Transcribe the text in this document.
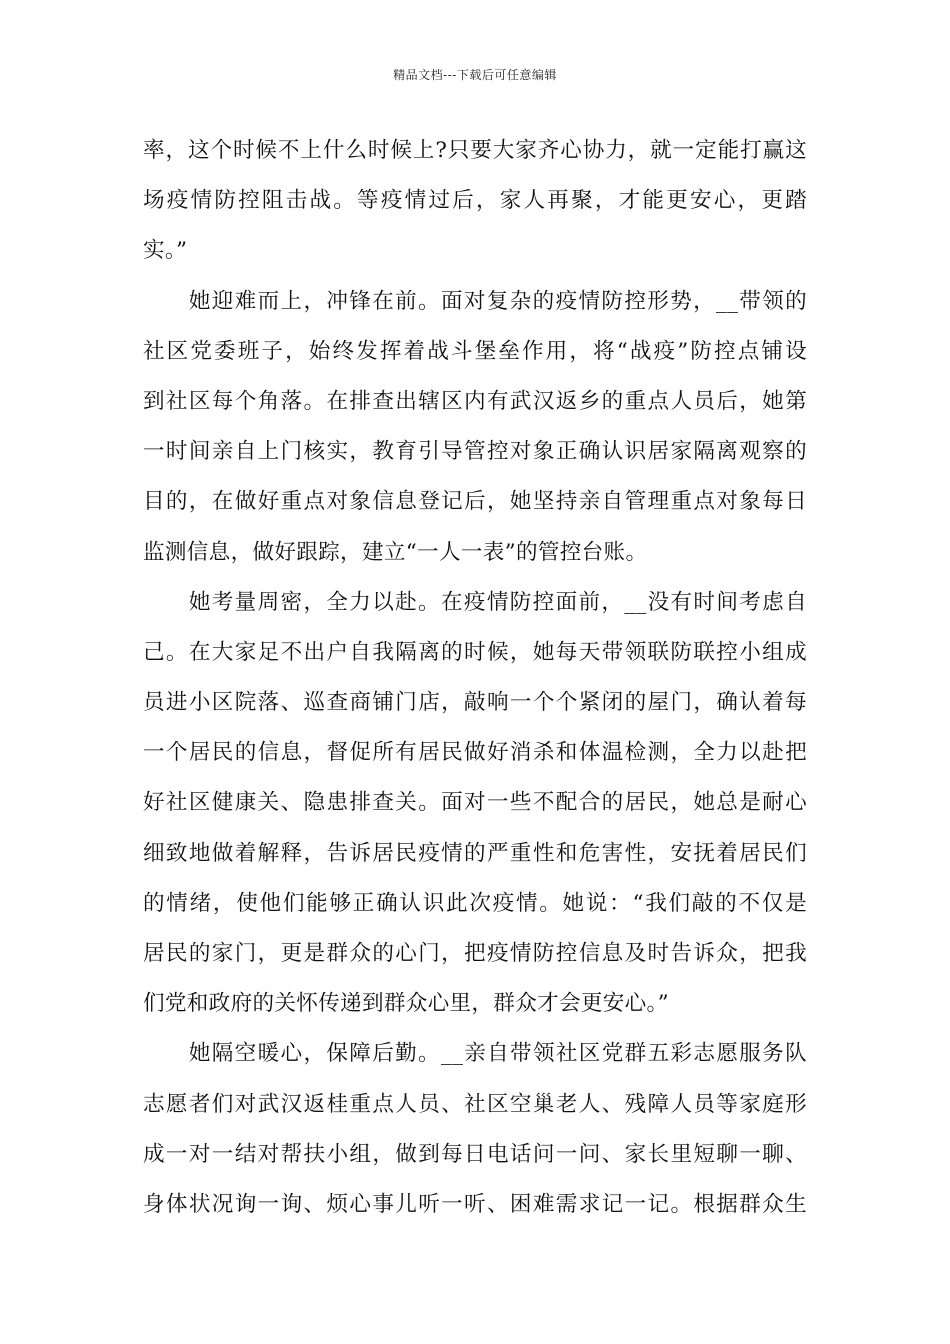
精品文档---下载后可任意编辑
率，这个时候不上什么时候上?只要大家齐心协力，就一定能打赢这
场疫情防控阻击战。等疫情过后，家人再聚，才能更安心，更踏
实。”
　　她迎难而上，冲锋在前。面对复杂的疫情防控形势，__带领的
社区党委班子，始终发挥着战斗堡垒作用，将“战疫”防控点铺设
到社区每个角落。在排查出辖区内有武汉返乡的重点人员后，她第
一时间亲自上门核实，教育引导管控对象正确认识居家隔离观察的
目的，在做好重点对象信息登记后，她坚持亲自管理重点对象每日
监测信息，做好跟踪，建立“一人一表”的管控台账。
　　她考量周密，全力以赴。在疫情防控面前，__没有时间考虑自
己。在大家足不出户自我隔离的时候，她每天带领联防联控小组成
员进小区院落、巡查商铺门店，敲响一个个紧闭的屋门，确认着每
一个居民的信息，督促所有居民做好消杀和体温检测，全力以赴把
好社区健康关、隐患排查关。面对一些不配合的居民，她总是耐心
细致地做着解释，告诉居民疫情的严重性和危害性，安抚着居民们
的情绪，使他们能够正确认识此次疫情。她说：“我们敲的不仅是
居民的家门，更是群众的心门，把疫情防控信息及时告诉众，把我
们党和政府的关怀传递到群众心里，群众才会更安心。”
　　她隔空暖心，保障后勤。__亲自带领社区党群五彩志愿服务队
志愿者们对武汉返桂重点人员、社区空巢老人、残障人员等家庭形
成一对一结对帮扶小组，做到每日电话问一问、家长里短聊一聊、
身体状况询一询、烦心事儿听一听、困难需求记一记。根据群众生
